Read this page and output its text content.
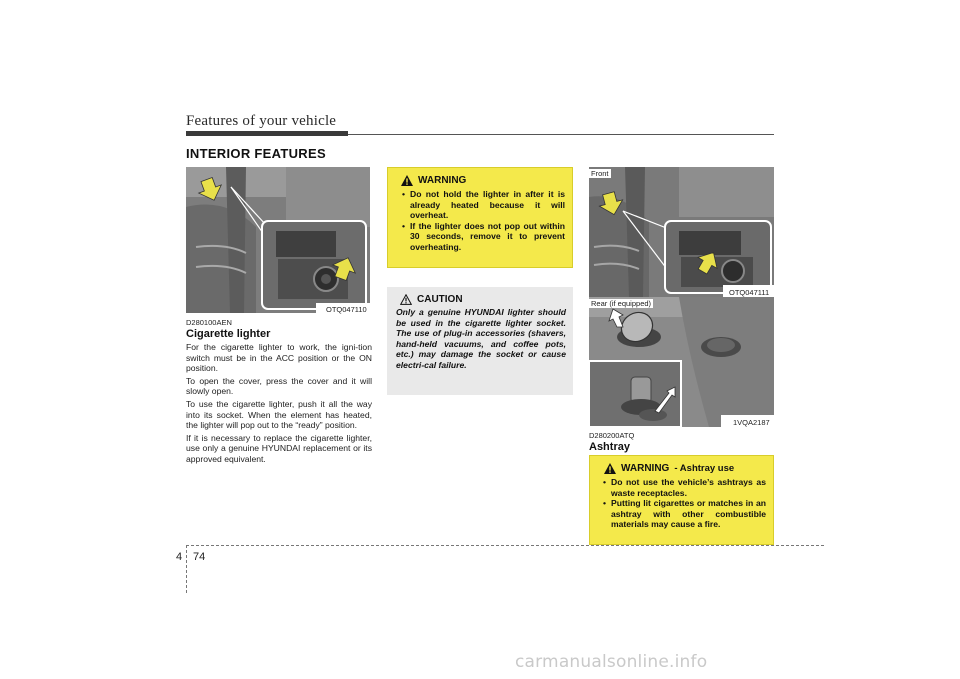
Features of your vehicle
INTERIOR FEATURES
OTQ047110
D280100AEN
Cigarette lighter

For the cigarette lighter to work, the igni-tion switch must be in the ACC position or the ON position.

To open the cover, press the cover and it will slowly open.

To use the cigarette lighter, push it all the way into its socket. When the element has heated, the lighter will pop out to the “ready” position.

If it is necessary to replace the cigarette lighter, use only a genuine HYUNDAI replacement or its approved equivalent.

WARNING
• Do not hold the lighter in after it is already heated because it will overheat.
• If the lighter does not pop out within 30 seconds, remove it to prevent overheating.
CAUTION
Only a genuine HYUNDAI lighter should be used in the cigarette lighter socket. The use of plug-in accessories (shavers, hand-held vacuums, and coffee pots, etc.) may damage the socket or cause electri-cal failure.
Front
OTQ047111
Rear (if equipped)
1VQA2187
D280200ATQ
Ashtray
WARNING - Ashtray use
• Do not use the vehicle’s ashtrays as waste receptacles.
• Putting lit cigarettes or matches in an ashtray with other combustible materials may cause a fire.
4 74
carmanualsonline.info
